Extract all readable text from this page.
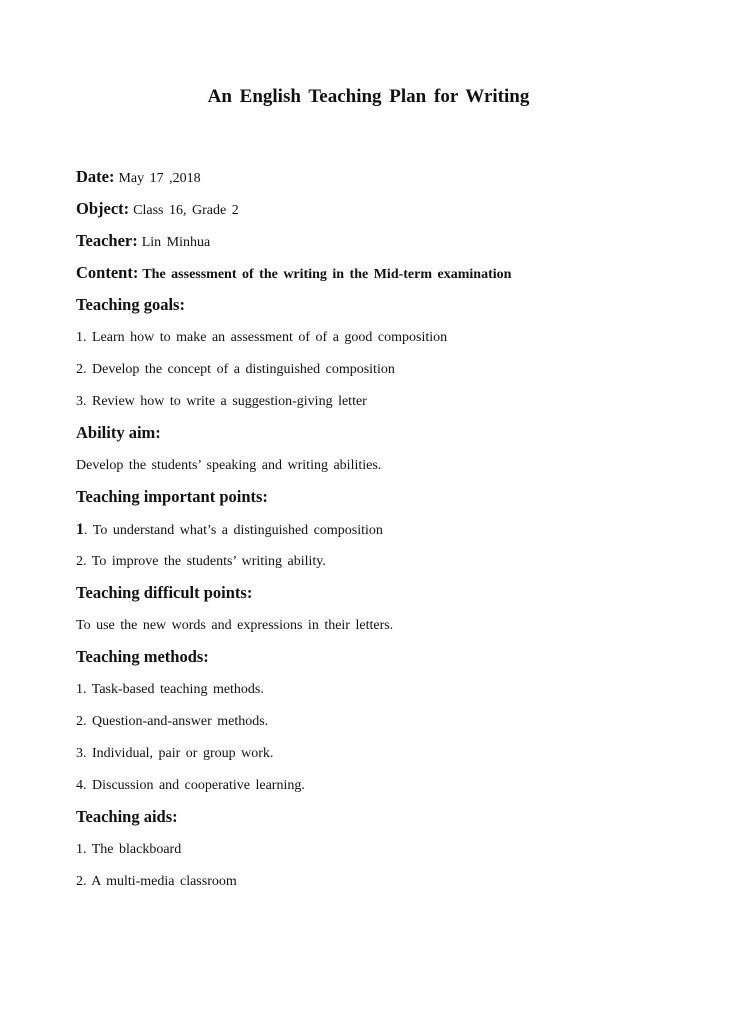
An English Teaching Plan for Writing
Date: May 17 ,2018
Object: Class 16, Grade 2
Teacher: Lin Minhua
Content: The assessment of the writing in the Mid-term examination
Teaching goals:
1. Learn how to make an assessment of of a good composition
2. Develop the concept of a distinguished composition
3. Review how to write a suggestion-giving letter
Ability aim:
Develop the students’ speaking and writing abilities.
Teaching important points:
1. To understand what’s a distinguished composition
2. To improve the students’ writing ability.
Teaching difficult points:
To use the new words and expressions in their letters.
Teaching methods:
1. Task-based teaching methods.
2. Question-and-answer methods.
3. Individual, pair or group work.
4. Discussion and cooperative learning.
Teaching aids:
1. The blackboard
2. A multi-media classroom
